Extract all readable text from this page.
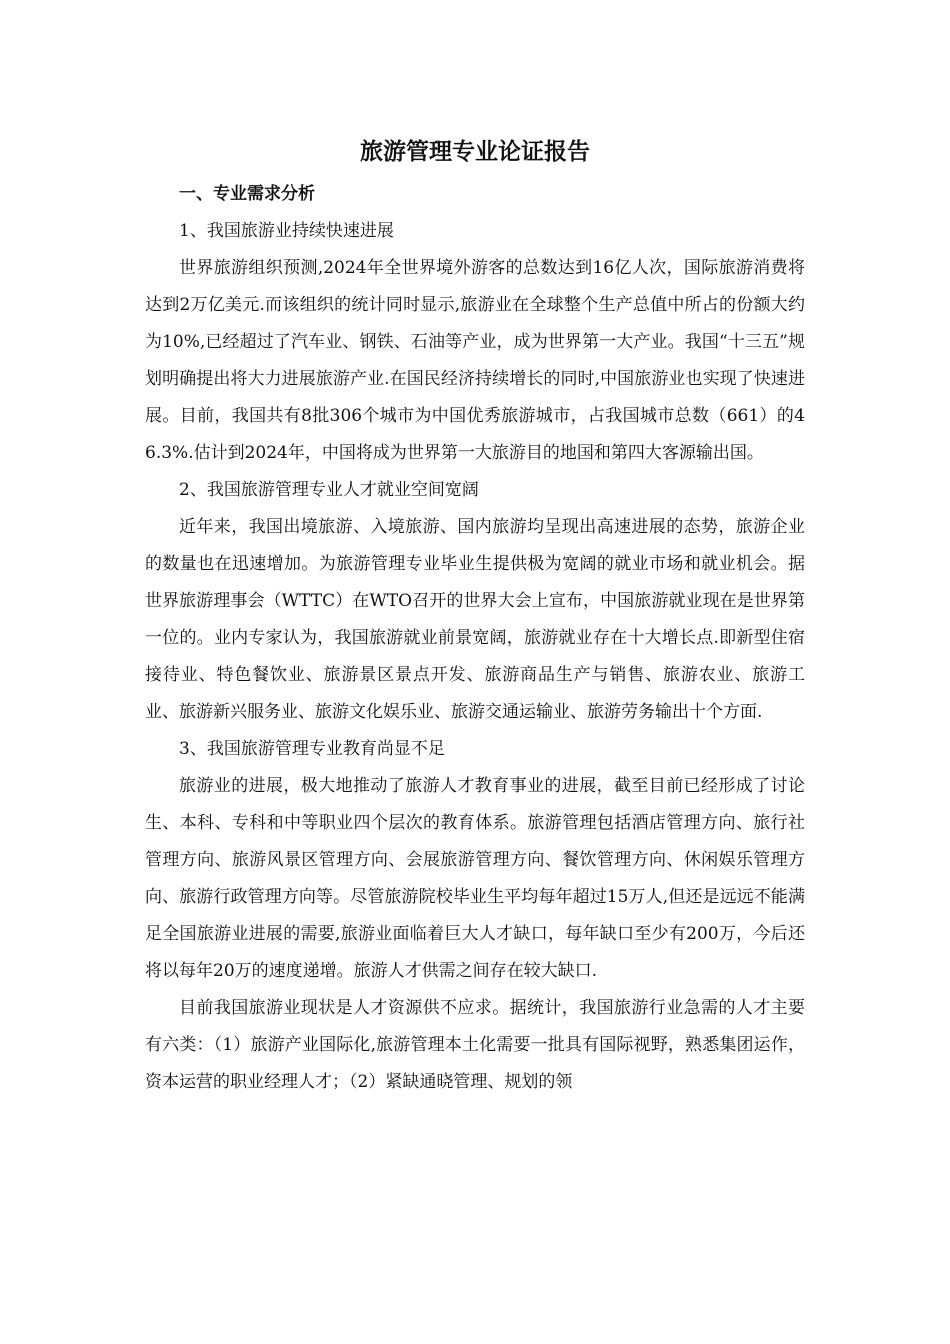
旅游管理专业论证报告

一、专业需求分析

1、我国旅游业持续快速进展

世界旅游组织预测,2024年全世界境外游客的总数达到16亿人次，国际旅游消费将达到2万亿美元.而该组织的统计同时显示,旅游业在全球整个生产总值中所占的份额大约为10%,已经超过了汽车业、钢铁、石油等产业，成为世界第一大产业。我国“十三五”规划明确提出将大力进展旅游产业.在国民经济持续增长的同时,中国旅游业也实现了快速进展。目前，我国共有8批306个城市为中国优秀旅游城市，占我国城市总数（661）的46.3%.估计到2024年，中国将成为世界第一大旅游目的地国和第四大客源输出国。

2、我国旅游管理专业人才就业空间宽阔

近年来，我国出境旅游、入境旅游、国内旅游均呈现出高速进展的态势，旅游企业的数量也在迅速增加。为旅游管理专业毕业生提供极为宽阔的就业市场和就业机会。据世界旅游理事会（WTTC）在WTO召开的世界大会上宣布，中国旅游就业现在是世界第一位的。业内专家认为，我国旅游就业前景宽阔，旅游就业存在十大增长点.即新型住宿接待业、特色餐饮业、旅游景区景点开发、旅游商品生产与销售、旅游农业、旅游工业、旅游新兴服务业、旅游文化娱乐业、旅游交通运输业、旅游劳务输出十个方面.

3、我国旅游管理专业教育尚显不足

旅游业的进展，极大地推动了旅游人才教育事业的进展，截至目前已经形成了讨论生、本科、专科和中等职业四个层次的教育体系。旅游管理包括酒店管理方向、旅行社管理方向、旅游风景区管理方向、会展旅游管理方向、餐饮管理方向、休闲娱乐管理方向、旅游行政管理方向等。尽管旅游院校毕业生平均每年超过15万人,但还是远远不能满足全国旅游业进展的需要,旅游业面临着巨大人才缺口，每年缺口至少有200万，今后还将以每年20万的速度递增。旅游人才供需之间存在较大缺口.

目前我国旅游业现状是人才资源供不应求。据统计，我国旅游行业急需的人才主要有六类：（1）旅游产业国际化,旅游管理本土化需要一批具有国际视野，熟悉集团运作，资本运营的职业经理人才；（2）紧缺通晓管理、规划的领
